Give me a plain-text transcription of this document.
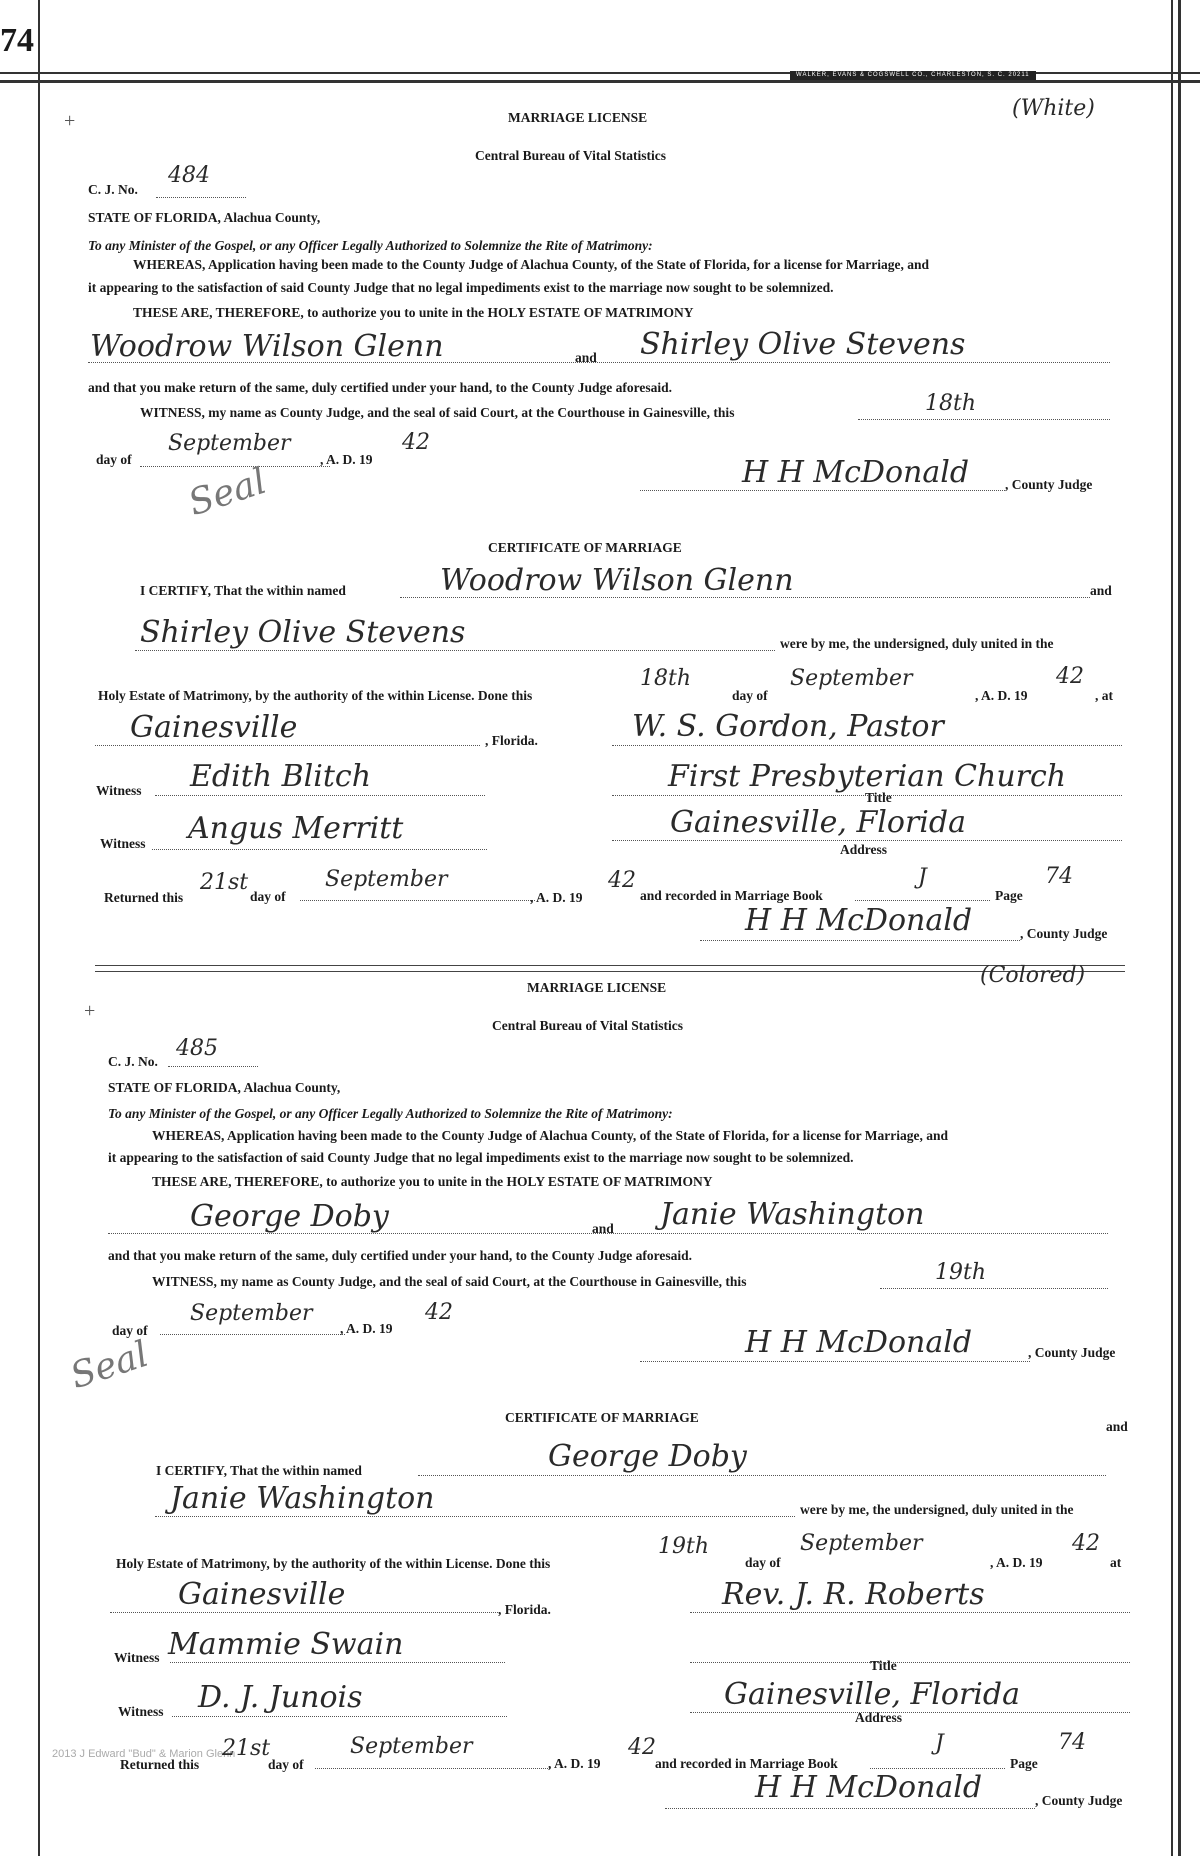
74
WALKER, EVANS & COGSWELL CO., CHARLESTON, S. C. 20211
+	MARRIAGE LICENSE	(White)
Central Bureau of Vital Statistics
C. J. No.
484
STATE OF FLORIDA, Alachua County,
To any Minister of the Gospel, or any Officer Legally Authorized to Solemnize the Rite of Matrimony:
WHEREAS, Application having been made to the County Judge of Alachua County, of the State of Florida, for a license for Marriage, and
it appearing to the satisfaction of said County Judge that no legal impediments exist to the marriage now sought to be solemnized.
THESE ARE, THEREFORE, to authorize you to unite in the HOLY ESTATE OF MATRIMONY
Woodrow Wilson Glenn	and Shirley Olive Stevens
and that you make return of the same, duly certified under your hand, to the County Judge aforesaid.
WITNESS, my name as County Judge, and the seal of said Court, at the Courthouse in Gainesville, this	18th
day of
September
, A. D. 19
42
Seal	H H McDonald	, County Judge
CERTIFICATE OF MARRIAGE
I CERTIFY, That the within named	Woodrow Wilson Glenn	and
Shirley Olive Stevens	were by me, the undersigned, duly united in the
Holy Estate of Matrimony, by the authority of the within License. Done this
18th
day of
September
, A. D. 19
42
, at
Gainesville	, Florida.	W. S. Gordon, Pastor
Witness Edith Blitch	First Presbyterian Church
Title
Witness Angus Merritt	Gainesville, Florida
Address
Returned this
21st
day of
September
, A. D. 19
42
and recorded in Marriage Book
J
Page
74
H H McDonald	, County Judge
+
MARRIAGE LICENSE	(Colored)
Central Bureau of Vital Statistics
C. J. No.
485
STATE OF FLORIDA, Alachua County,
To any Minister of the Gospel, or any Officer Legally Authorized to Solemnize the Rite of Matrimony:
WHEREAS, Application having been made to the County Judge of Alachua County, of the State of Florida, for a license for Marriage, and
it appearing to the satisfaction of said County Judge that no legal impediments exist to the marriage now sought to be solemnized.
THESE ARE, THEREFORE, to authorize you to unite in the HOLY ESTATE OF MATRIMONY
George Doby	and Janie Washington
and that you make return of the same, duly certified under your hand, to the County Judge aforesaid.
WITNESS, my name as County Judge, and the seal of said Court, at the Courthouse in Gainesville, this	19th
day of
September
, A. D. 19
42
Seal	H H McDonald	, County Judge
CERTIFICATE OF MARRIAGE
I CERTIFY, That the within named	George Doby
and
Janie Washington	were by me, the undersigned, duly united in the
Holy Estate of Matrimony, by the authority of the within License. Done this
19th
day of
September
, A. D. 19
42
at
Gainesville	, Florida.	Rev. J. R. Roberts
Witness Mammie Swain
Title
Witness D. J. Junois	Gainesville, Florida
Address
2013 J Edward "Bud" & Marion Glenn
Returned this
21st
day of
September
, A. D. 19
42
and recorded in Marriage Book
J
Page
74
H H McDonald	, County Judge
